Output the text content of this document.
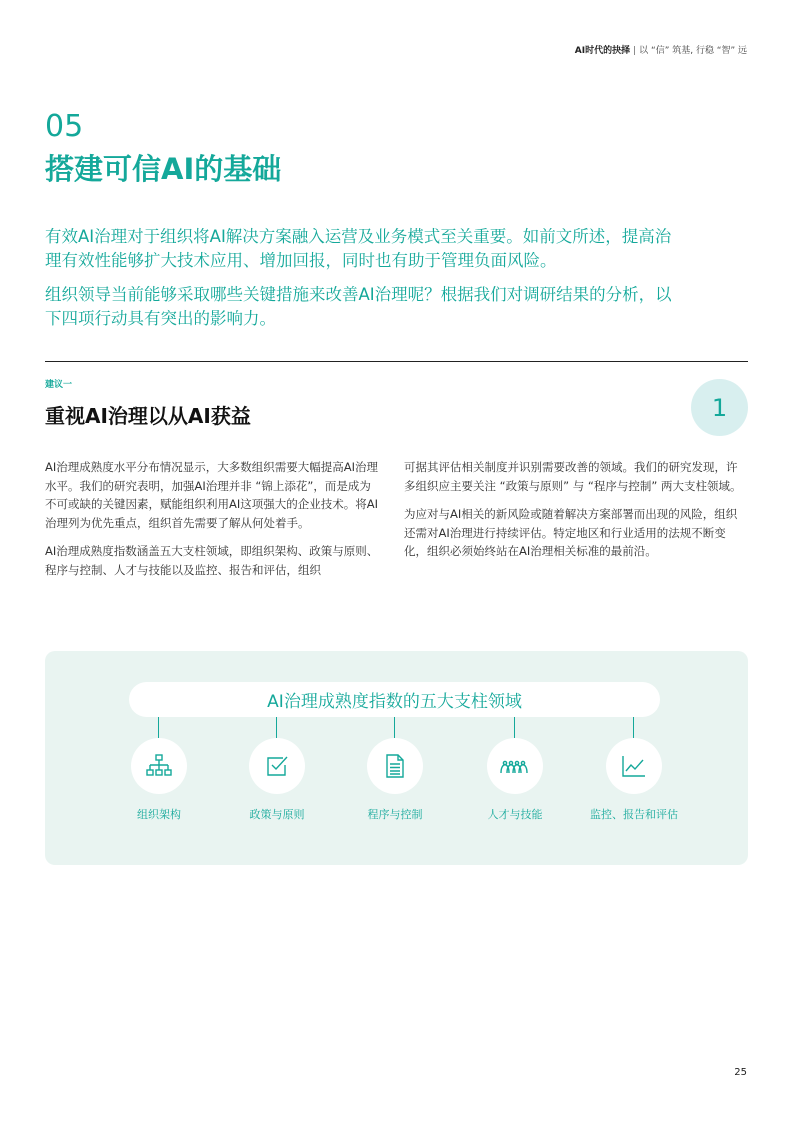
AI时代的抉择 | 以 “信” 筑基, 行稳 “智” 远
05
搭建可信AI的基础

有效AI治理对于组织将AI解决方案融入运营及业务模式至关重要。如前文所述，提高治理有效性能够扩大技术应用、增加回报，同时也有助于管理负面风险。

组织领导当前能够采取哪些关键措施来改善AI治理呢？根据我们对调研结果的分析，以下四项行动具有突出的影响力。

建议一
重视AI治理以从AI获益	1

AI治理成熟度水平分布情况显示，大多数组织需要大幅提高AI治理水平。我们的研究表明，加强AI治理并非 “锦上添花”，而是成为不可或缺的关键因素，赋能组织利用AI这项强大的企业技术。将AI治理列为优先重点，组织首先需要了解从何处着手。

AI治理成熟度指数涵盖五大支柱领域，即组织架构、政策与原则、程序与控制、人才与技能以及监控、报告和评估，组织

可据其评估相关制度并识别需要改善的领域。我们的研究发现，许多组织应主要关注 “政策与原则” 与 “程序与控制” 两大支柱领域。

为应对与AI相关的新风险或随着解决方案部署而出现的风险，组织还需对AI治理进行持续评估。特定地区和行业适用的法规不断变化，组织必须始终站在AI治理相关标准的最前沿。

AI治理成熟度指数的五大支柱领域
组织架构	政策与原则	程序与控制	人才与技能	监控、报告和评估
25
